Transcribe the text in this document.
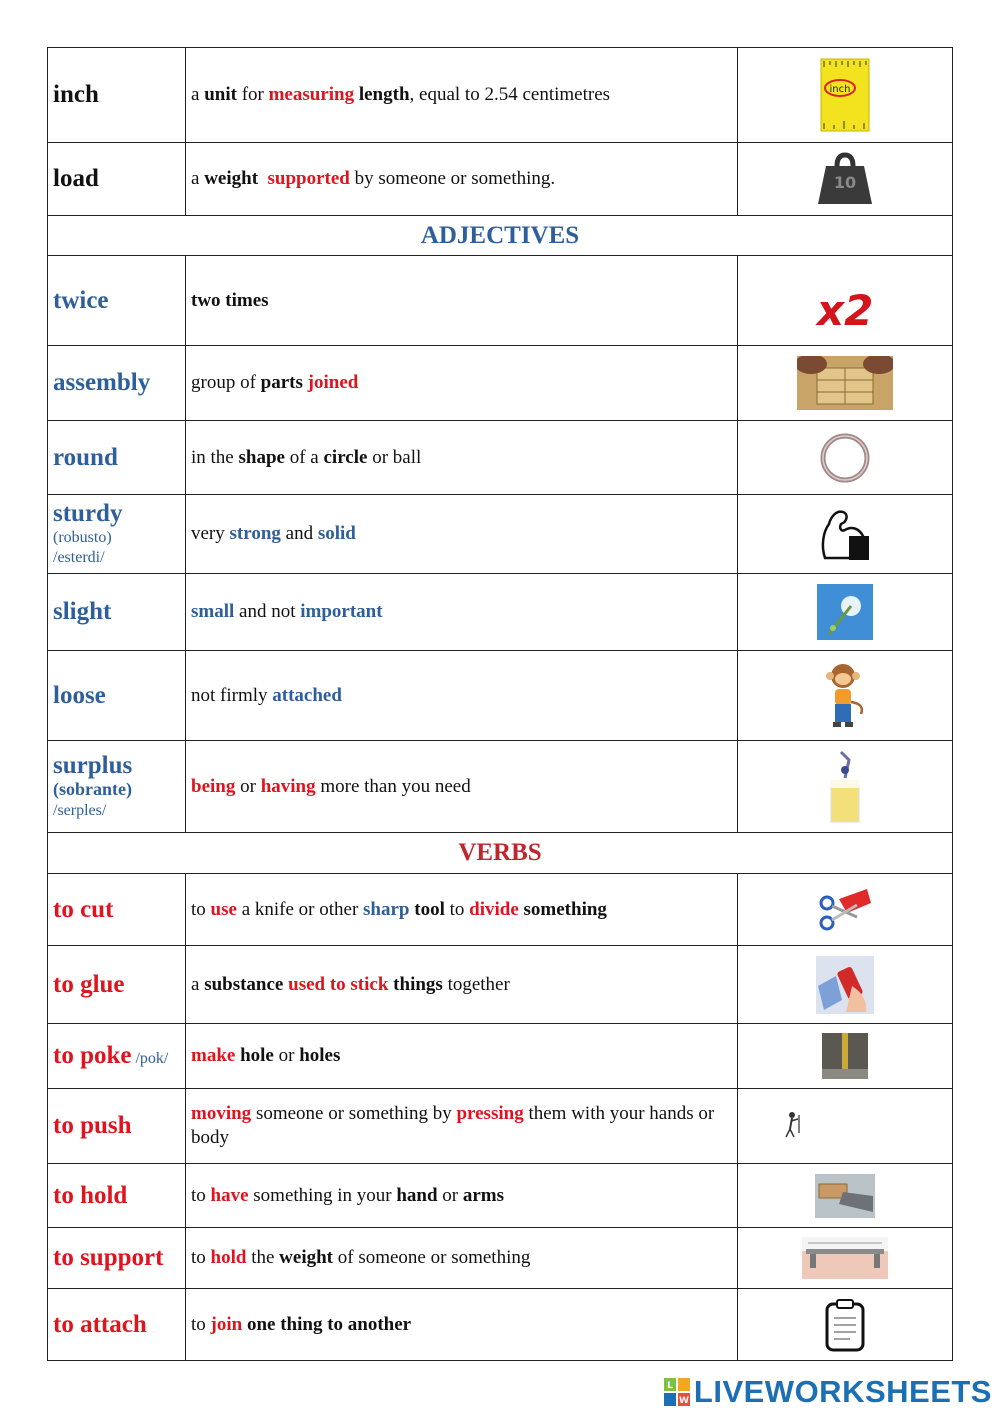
inch	a unit for measuring length, equal to 2.54 centimetres	inch

load	a weight supported by someone or something.	10

ADJECTIVES		

twice	two times	x2

assembly	group of parts joined	

round	in the shape of a circle or ball	

sturdy
(robusto)
/esterdi/	very strong and solid	

slight	small and not important	

loose	not firmly attached	

surplus
(sobrante)
/serples/	being or having more than you need	

VERBS		

to cut	to use a knife or other sharp tool to divide something	

to glue	a substance used to stick things together	

to poke /pok/	make hole or holes	

to push	moving someone or something by pressing them with your hands or body	

to hold	to have something in your hand or arms	

to support	to hold the weight of someone or something	

to attach	to join one thing to another	
L
W LIVEWORKSHEETS
